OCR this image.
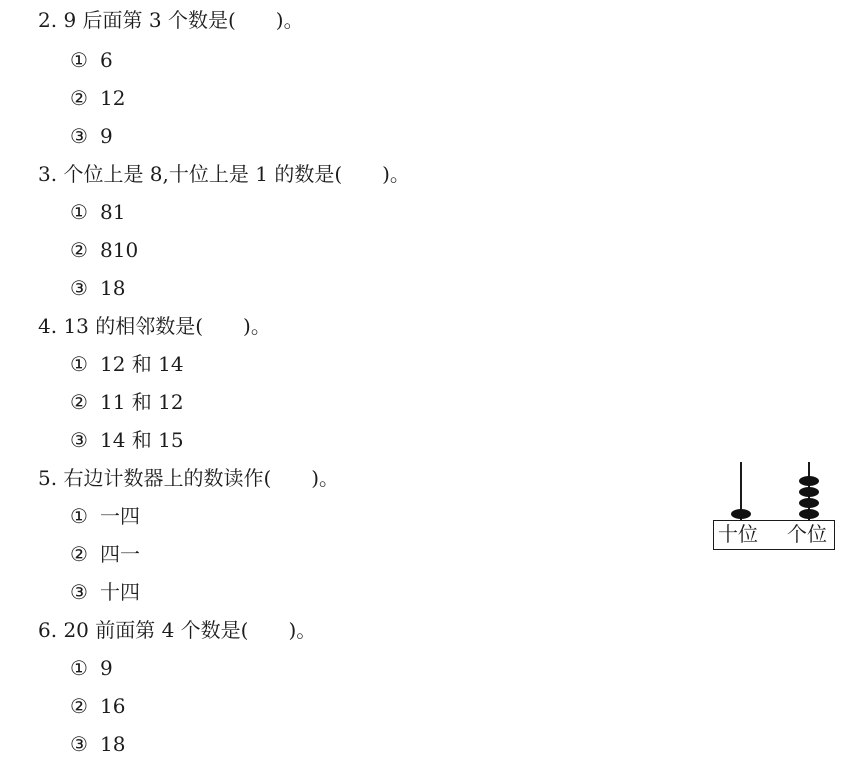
2. 9 后面第 3 个数是(　　)。
① 6
② 12
③ 9
3. 个位上是 8,十位上是 1 的数是(　　)。
① 81
② 810
③ 18
4. 13 的相邻数是(　　)。
① 12 和 14
② 11 和 12
③ 14 和 15
5. 右边计数器上的数读作(　　)。
① 一四
② 四一
③ 十四
6. 20 前面第 4 个数是(　　)。
① 9
② 16
③ 18
十位 个位
